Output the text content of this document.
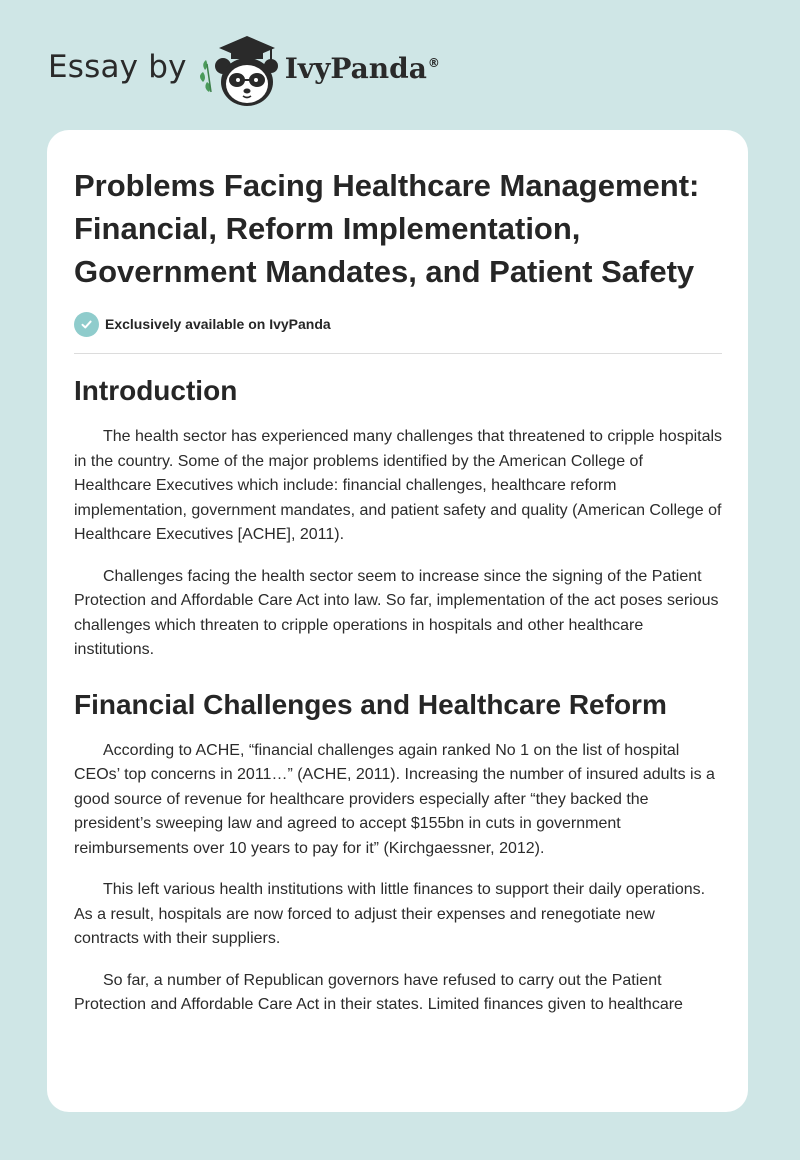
Essay by	IvyPanda®
Problems Facing Healthcare Management: Financial, Reform Implementation, Government Mandates, and Patient Safety
Exclusively available on IvyPanda
Introduction

The health sector has experienced many challenges that threatened to cripple hospitals in the country. Some of the major problems identified by the American College of Healthcare Executives which include: financial challenges, healthcare reform implementation, government mandates, and patient safety and quality (American College of Healthcare Executives [ACHE], 2011).

Challenges facing the health sector seem to increase since the signing of the Patient Protection and Affordable Care Act into law. So far, implementation of the act poses serious challenges which threaten to cripple operations in hospitals and other healthcare institutions.

Financial Challenges and Healthcare Reform

According to ACHE, “financial challenges again ranked No 1 on the list of hospital CEOs’ top concerns in 2011…” (ACHE, 2011). Increasing the number of insured adults is a good source of revenue for healthcare providers especially after “they backed the president’s sweeping law and agreed to accept $155bn in cuts in government reimbursements over 10 years to pay for it” (Kirchgaessner, 2012).

This left various health institutions with little finances to support their daily operations. As a result, hospitals are now forced to adjust their expenses and renegotiate new contracts with their suppliers.

So far, a number of Republican governors have refused to carry out the Patient Protection and Affordable Care Act in their states. Limited finances given to healthcare
